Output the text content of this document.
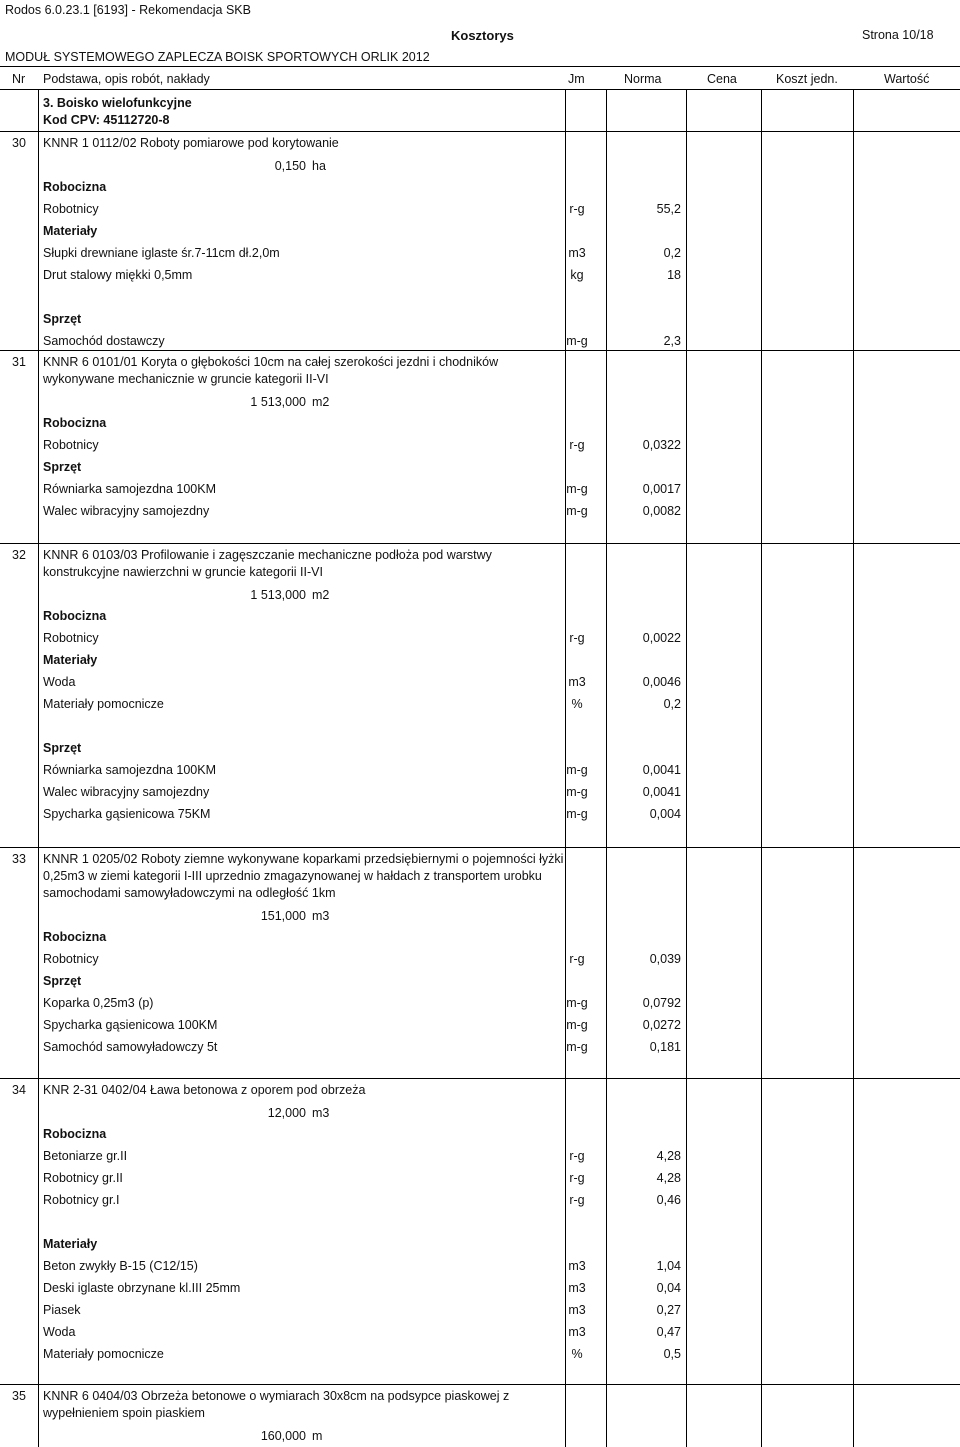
Rodos 6.0.23.1 [6193] - Rekomendacja SKB
Kosztorys	Strona 10/18
MODUŁ SYSTEMOWEGO ZAPLECZA BOISK SPORTOWYCH ORLIK 2012
Nr Podstawa, opis robót, nakłady	Jm	Norma	Cena	Koszt jedn.	Wartość
3. Boisko wielofunkcyjne
Kod CPV: 45112720-8
30 KNNR 1 0112/02 Roboty pomiarowe pod korytowanie
0,150 ha
Robocizna
Robotnicy	r-g	55,2
Materiały
Słupki drewniane iglaste śr.7-11cm dł.2,0m	m3	0,2
Drut stalowy miękki 0,5mm	kg	18
Sprzęt
Samochód dostawczy	m-g	2,3
31 KNNR 6 0101/01 Koryta o głębokości 10cm na całej szerokości jezdni i chodników
wykonywane mechanicznie w gruncie kategorii II-VI
1 513,000 m2
Robocizna
Robotnicy	r-g	0,0322
Sprzęt
Równiarka samojezdna 100KM	m-g	0,0017
Walec wibracyjny samojezdny	m-g	0,0082
32 KNNR 6 0103/03 Profilowanie i zagęszczanie mechaniczne podłoża pod warstwy
konstrukcyjne nawierzchni w gruncie kategorii II-VI
1 513,000 m2
Robocizna
Robotnicy	r-g	0,0022
Materiały
Woda	m3	0,0046
Materiały pomocnicze	%	0,2
Sprzęt
Równiarka samojezdna 100KM	m-g	0,0041
Walec wibracyjny samojezdny	m-g	0,0041
Spycharka gąsienicowa 75KM	m-g	0,004
33 KNNR 1 0205/02 Roboty ziemne wykonywane koparkami przedsiębiernymi o pojemności łyżki
0,25m3 w ziemi kategorii I-III uprzednio zmagazynowanej w hałdach z transportem urobku
samochodami samowyładowczymi na odległość 1km
151,000 m3
Robocizna
Robotnicy	r-g	0,039
Sprzęt
Koparka 0,25m3 (p)	m-g	0,0792
Spycharka gąsienicowa 100KM	m-g	0,0272
Samochód samowyładowczy 5t	m-g	0,181
34 KNR 2-31 0402/04 Ława betonowa z oporem pod obrzeża
12,000 m3
Robocizna
Betoniarze gr.II	r-g	4,28
Robotnicy gr.II	r-g	4,28
Robotnicy gr.I	r-g	0,46
Materiały
Beton zwykły B-15 (C12/15)	m3	1,04
Deski iglaste obrzynane kl.III 25mm	m3	0,04
Piasek	m3	0,27
Woda	m3	0,47
Materiały pomocnicze	%	0,5
35 KNNR 6 0404/03 Obrzeża betonowe o wymiarach 30x8cm na podsypce piaskowej z
wypełnieniem spoin piaskiem
160,000 m
